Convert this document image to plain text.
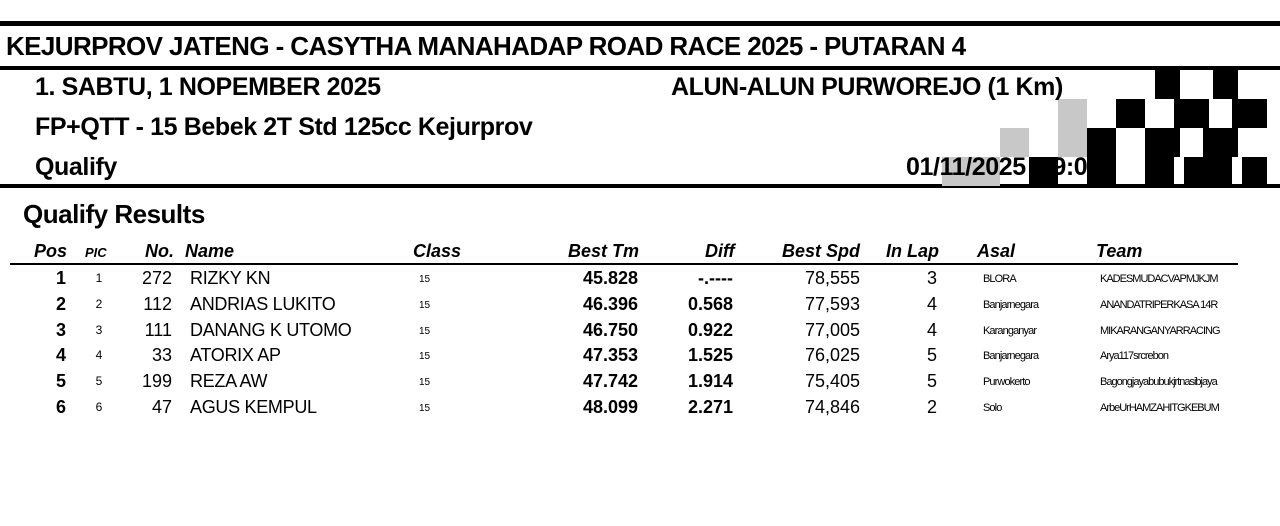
KEJURPROV JATENG - CASYTHA MANAHADAP ROAD RACE 2025 - PUTARAN 4
1. SABTU, 1 NOPEMBER 2025	ALUN-ALUN PURWOREJO (1 Km)
FP+QTT - 15 Bebek 2T Std 125cc Kejurprov
Qualify	01/11/2025  09:00
Qualify Results
Pos PIC No. Name	Class	Best Tm	Diff	Best Spd In Lap Asal	Team
1	1	272 RIZKY KN	15	45.828	-.----	78,555	3	BLORA	KADESMUDACVAPMJKJM
2	2	112 ANDRIAS LUKITO	15	46.396	0.568	77,593	4	Banjarnegara	ANANDATRIPERKASA 14R
3	3	111 DANANG K UTOMO	15	46.750	0.922	77,005	4	Karanganyar	MIKARANGANYARRACING
4	4	33 ATORIX AP	15	47.353	1.525	76,025	5	Banjarnegara	Arya117srcrebon
5	5	199 REZA AW	15	47.742	1.914	75,405	5	Purwokerto	Bagongjayabubukjrtnasibjaya
6	6	47 AGUS KEMPUL	15	48.099	2.271	74,846	2	Solo	ArbeUrHAMZAHITGKEBUM
